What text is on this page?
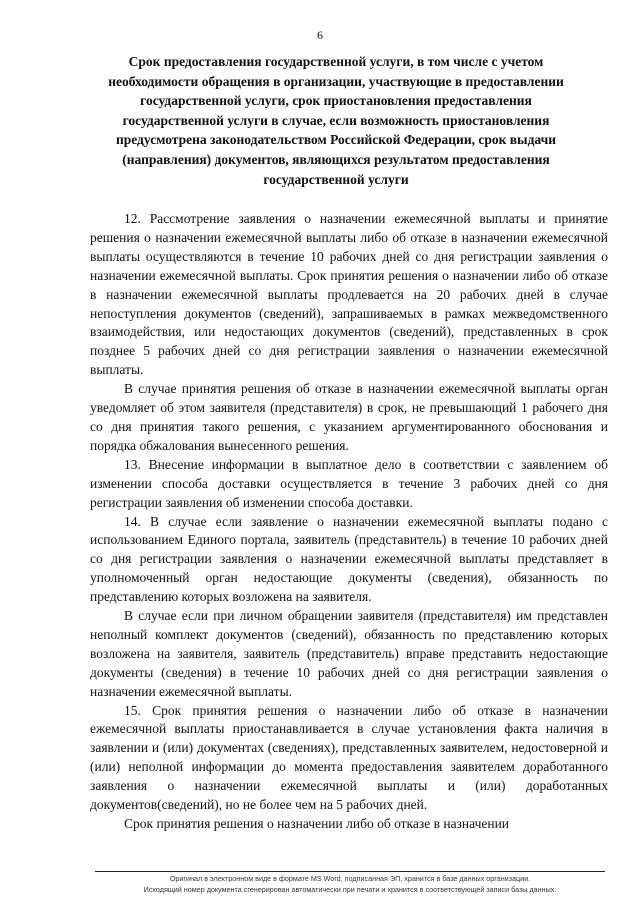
6
Срок предоставления государственной услуги, в том числе с учетом необходимости обращения в организации, участвующие в предоставлении государственной услуги, срок приостановления предоставления государственной услуги в случае, если возможность приостановления предусмотрена законодательством Российской Федерации, срок выдачи (направления) документов, являющихся результатом предоставления государственной услуги

12. Рассмотрение заявления о назначении ежемесячной выплаты и принятие решения о назначении ежемесячной выплаты либо об отказе в назначении ежемесячной выплаты осуществляются в течение 10 рабочих дней со дня регистрации заявления о назначении ежемесячной выплаты. Срок принятия решения о назначении либо об отказе в назначении ежемесячной выплаты продлевается на 20 рабочих дней в случае непоступления документов (сведений), запрашиваемых в рамках межведомственного взаимодействия, или недостающих документов (сведений), представленных в срок позднее 5 рабочих дней со дня регистрации заявления о назначении ежемесячной выплаты.

В случае принятия решения об отказе в назначении ежемесячной выплаты орган уведомляет об этом заявителя (представителя) в срок, не превышающий 1 рабочего дня со дня принятия такого решения, с указанием аргументированного обоснования и порядка обжалования вынесенного решения.

13. Внесение информации в выплатное дело в соответствии с заявлением об изменении способа доставки осуществляется в течение 3 рабочих дней со дня регистрации заявления об изменении способа доставки.

14. В случае если заявление о назначении ежемесячной выплаты подано с использованием Единого портала, заявитель (представитель) в течение 10 рабочих дней со дня регистрации заявления о назначении ежемесячной выплаты представляет в уполномоченный орган недостающие документы (сведения), обязанность по представлению которых возложена на заявителя.

В случае если при личном обращении заявителя (представителя) им представлен неполный комплект документов (сведений), обязанность по представлению которых возложена на заявителя, заявитель (представитель) вправе представить недостающие документы (сведения) в течение 10 рабочих дней со дня регистрации заявления о назначении ежемесячной выплаты.

15. Срок принятия решения о назначении либо об отказе в назначении ежемесячной выплаты приостанавливается в случае установления факта наличия в заявлении и (или) документах (сведениях), представленных заявителем, недостоверной и (или) неполной информации до момента предоставления заявителем доработанного заявления о назначении ежемесячной выплаты и (или) доработанных документов(сведений), но не более чем на 5 рабочих дней.

Срок принятия решения о назначении либо об отказе в назначении

Оригинал в электронном виде в формате MS Word, подписанная ЭП, хранится в базе данных организации.
Исходящий номер документа сгенерирован автоматически при печати и хранится в соответствующей записи базы данных.
